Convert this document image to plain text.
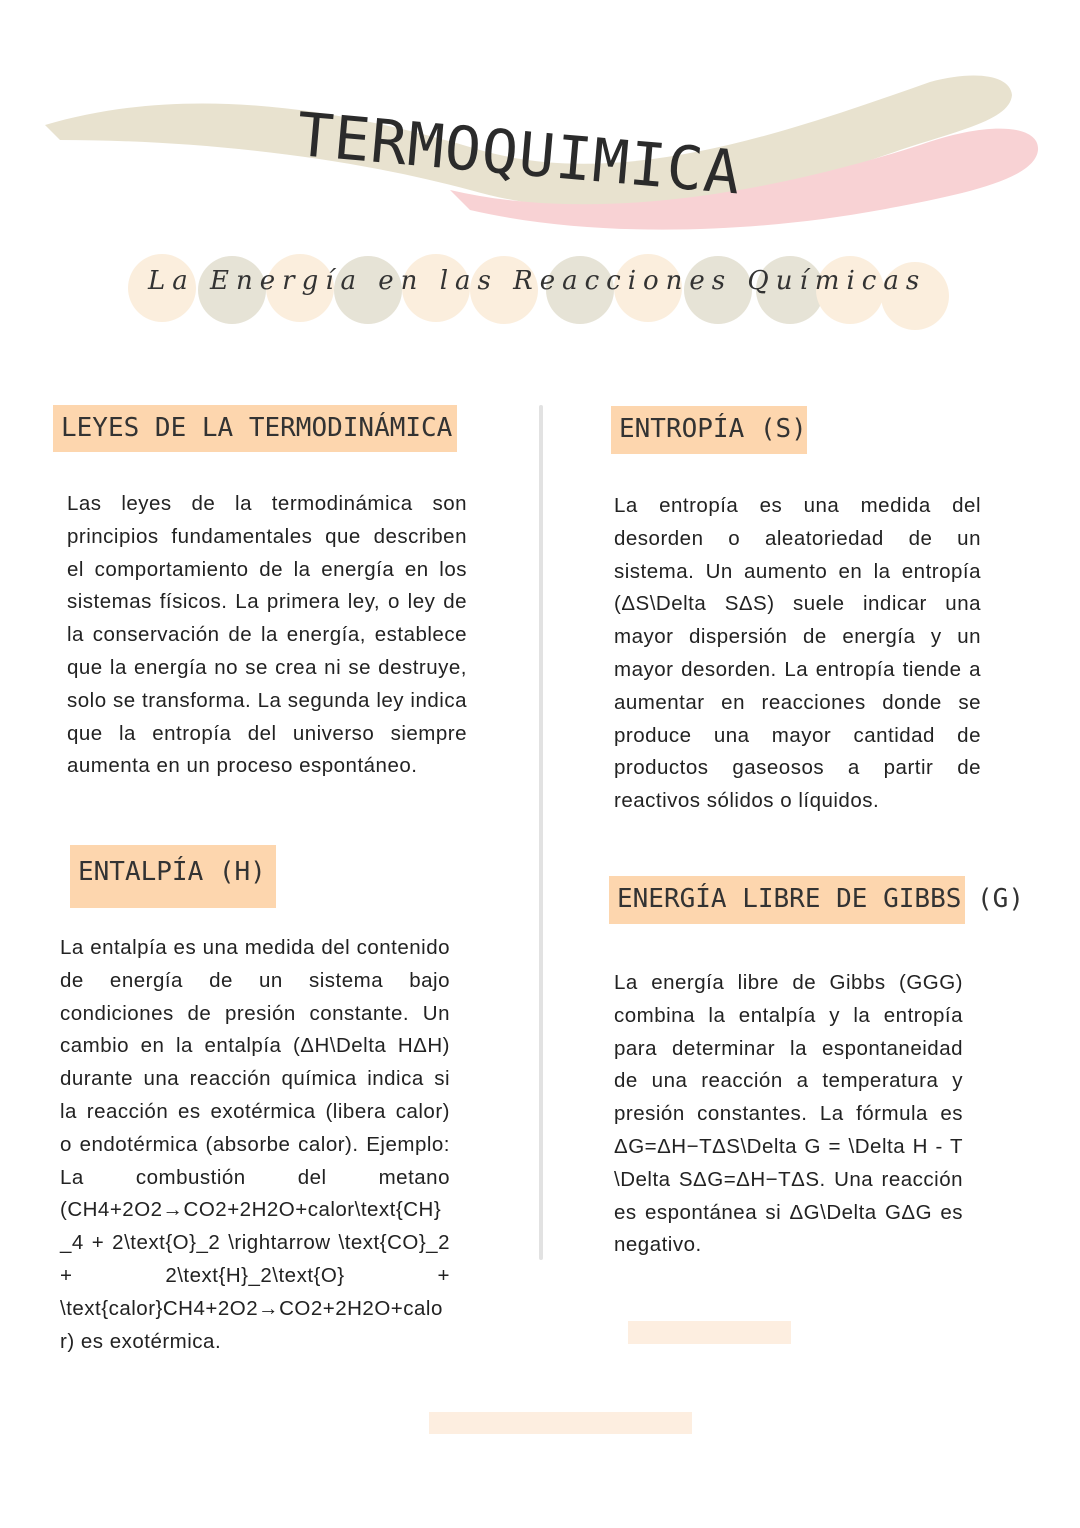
TERMOQUIMICA
La Energía en las Reacciones Químicas
LEYES DE LA TERMODINÁMICA

Las leyes de la termodinámica son principios fundamentales que describen el comportamiento de la energía en los sistemas físicos. La primera ley, o ley de la conservación de la energía, establece que la energía no se crea ni se destruye, solo se transforma. La segunda ley indica que la entropía del universo siempre aumenta en un proceso espontáneo.

ENTALPÍA (H)

La entalpía es una medida del contenido de energía de un sistema bajo condiciones de presión constante. Un cambio en la entalpía (ΔH\Delta HΔH) durante una reacción química indica si la reacción es exotérmica (libera calor) o endotérmica (absorbe calor). Ejemplo: La combustión del metano (CH4+2O2→CO2+2H2O+calor\text{CH}_4 + 2\text{O}_2 \rightarrow \text{CO}_2 + 2\text{H}_2\text{O} + \text{calor}CH4+2O2→CO2+2H2O+calor) es exotérmica.

ENTROPÍA (S)

La entropía es una medida del desorden o aleatoriedad de un sistema. Un aumento en la entropía (ΔS\Delta SΔS) suele indicar una mayor dispersión de energía y un mayor desorden. La entropía tiende a aumentar en reacciones donde se produce una mayor cantidad de productos gaseosos a partir de reactivos sólidos o líquidos.

ENERGÍA LIBRE DE GIBBS (G)

La energía libre de Gibbs (GGG) combina la entalpía y la entropía para determinar la espontaneidad de una reacción a temperatura y presión constantes. La fórmula es ΔG=ΔH−TΔS\Delta G = \Delta H - T \Delta SΔG=ΔH−TΔS. Una reacción es espontánea si ΔG\Delta GΔG es negativo.
